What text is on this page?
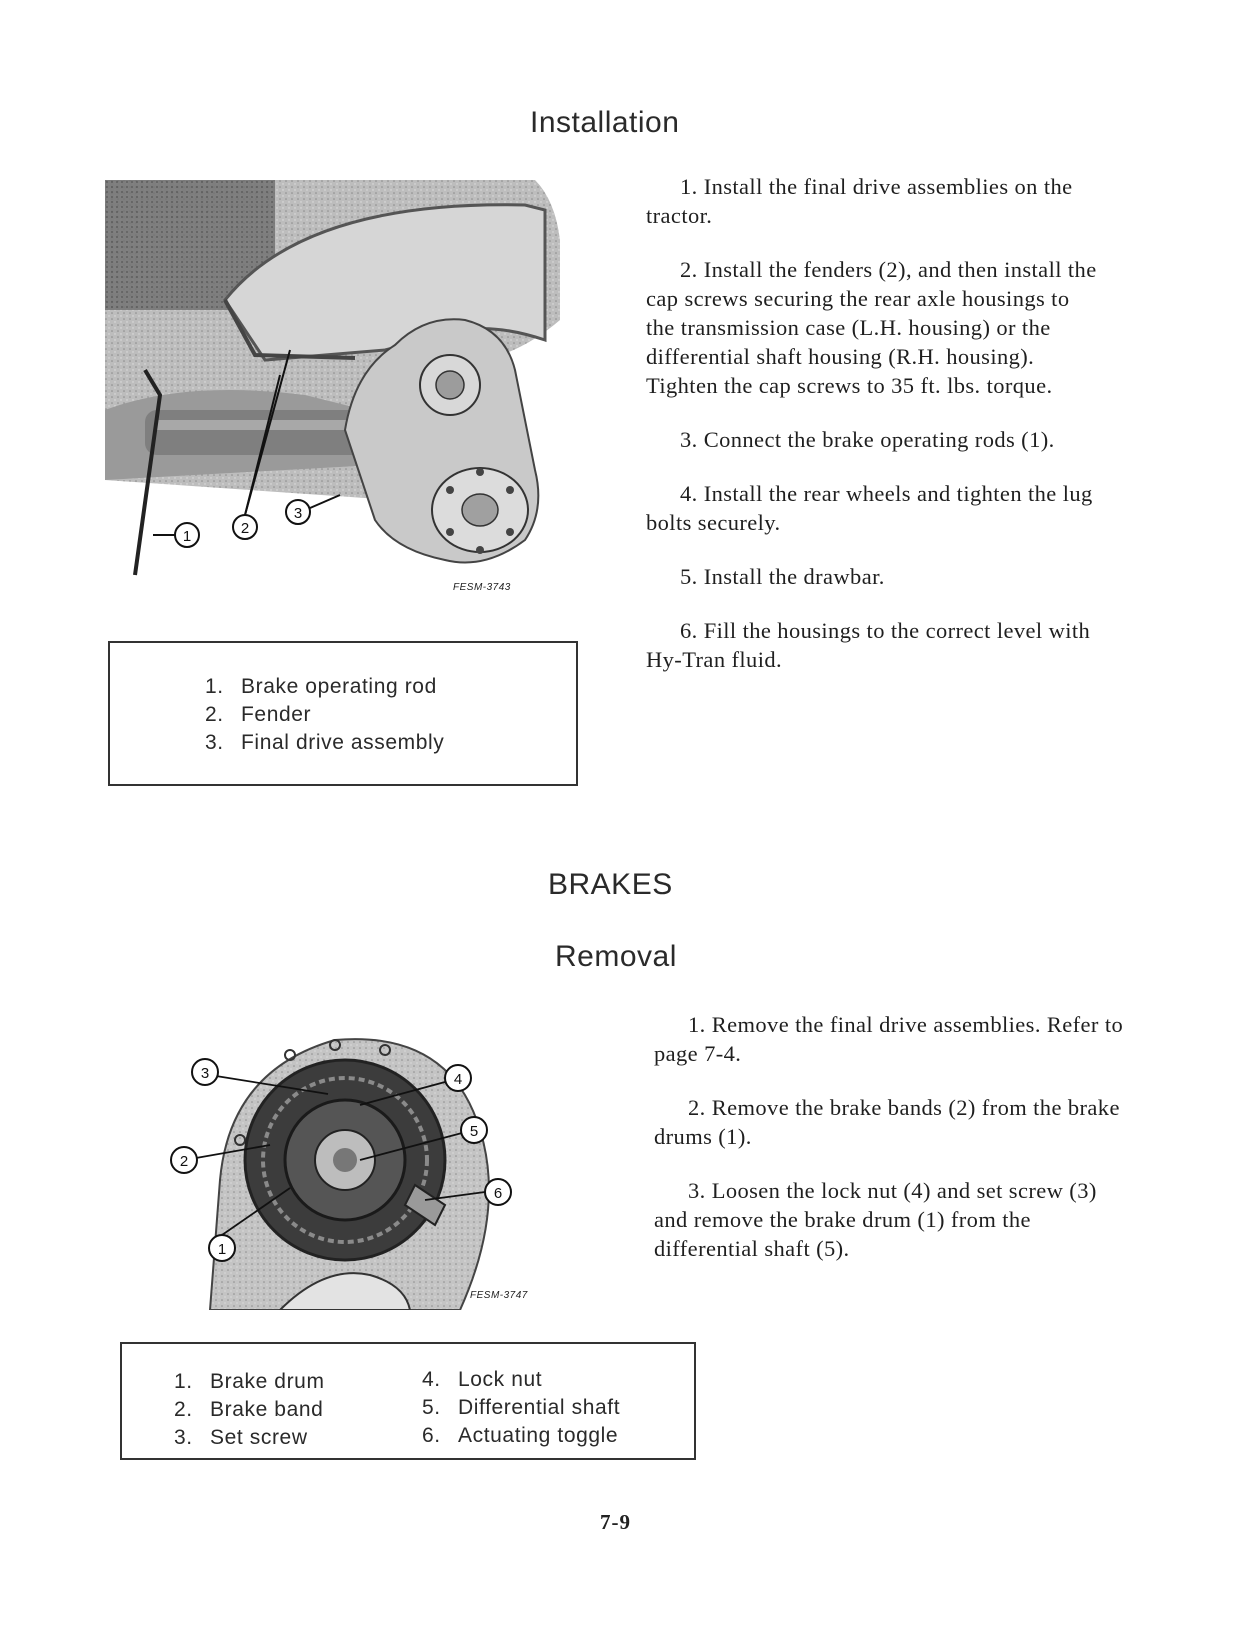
Installation
1	2
3
FESM-3743
1. Brake operating rod
2. Fender
3. Final drive assembly

1. Install the final drive assemblies on the tractor.

2. Install the fenders (2), and then install the cap screws securing the rear axle housings to the transmission case (L.H. housing) or the differential shaft housing (R.H. housing). Tighten the cap screws to 35 ft. lbs. torque.

3. Connect the brake operating rods (1).

4. Install the rear wheels and tighten the lug bolts securely.

5. Install the drawbar.

6. Fill the housings to the correct level with Hy-Tran fluid.

BRAKES
Removal
1
2
3	4
5
6
FESM-3747
1. Brake drum
2. Brake band
3. Set screw
4. Lock nut
5. Differential shaft
6. Actuating toggle

1. Remove the final drive assemblies. Refer to page 7-4.

2. Remove the brake bands (2) from the brake drums (1).

3. Loosen the lock nut (4) and set screw (3) and remove the brake drum (1) from the differential shaft (5).

7-9
